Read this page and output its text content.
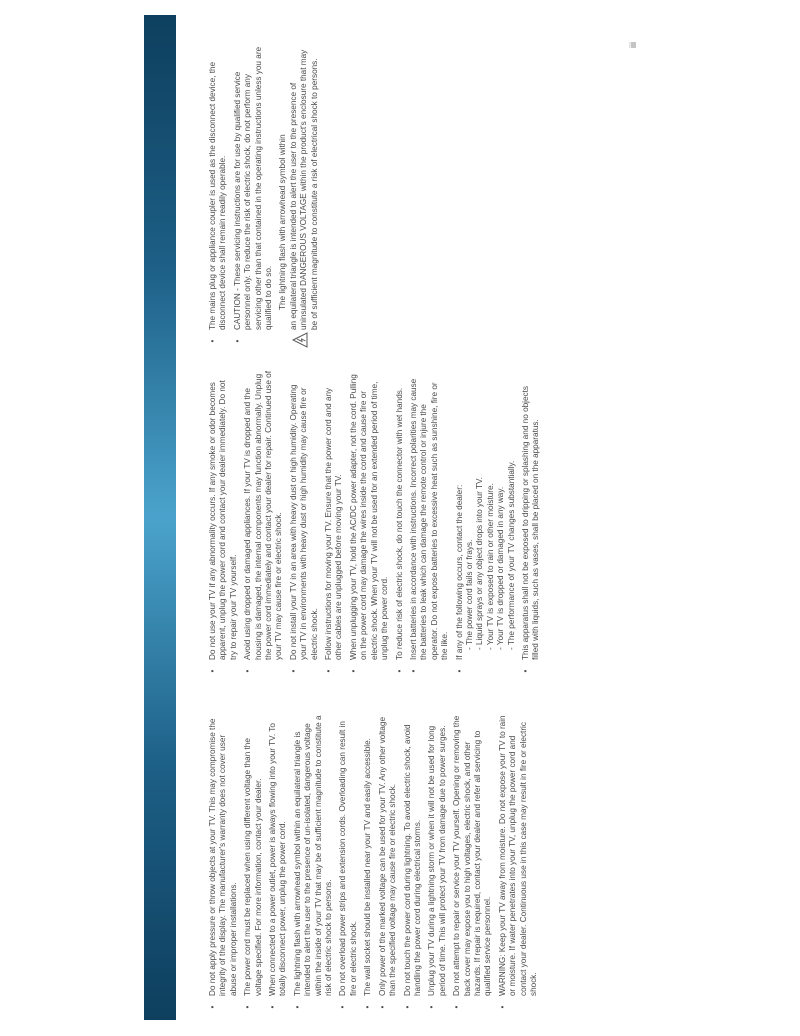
iii
•
Do not apply pressure or throw objects at your TV. This may compromise the integrity of the display. The manufacturer's warranty does not cover user abuse or improper installations.
•
The power cord must be replaced when using different voltage than the voltage specified. For more information, contact your dealer.
•
When connected to a power outlet, power is always flowing into your TV. To totally disconnect power, unplug the power cord.
•
The lightning flash with arrowhead symbol within an equilateral triangle is intended to alert the user to the presence of un-isolated, dangerous voltage within the inside of your TV that may be of sufficient magnitude to constitute a risk of electric shock to persons.
•
Do not overload power strips and extension cords. Overloading can result in fire or electric shock.
•
The wall socket should be installed near your TV and easily accessible.
•
Only power of the marked voltage can be used for your TV. Any other voltage than the specified voltage may cause fire or electric shock.
•
Do not touch the power cord during lightning. To avoid electric shock, avoid handling the power cord during electrical storms.
•
Unplug your TV during a lightning storm or when it will not be used for long period of time. This will protect your TV from damage due to power surges.
•
Do not attempt to repair or service your TV yourself. Opening or removing the back cover may expose you to high voltages, electric shock, and other hazards. If repair is required, contact your dealer and refer all servicing to qualified service personnel.
•
WARNING: Keep your TV away from moisture. Do not expose your TV to rain or moisture. If water penetrates into your TV, unplug the power cord and contact your dealer. Continuous use in this case may result in fire or electric shock.
•
Do not use your TV if any abnormality occurs. If any smoke or odor becomes apparent, unplug the power cord and contact your dealer immediately. Do not try to repair your TV yourself.
•
Avoid using dropped or damaged appliances. If your TV is dropped and the housing is damaged, the internal components may function abnormally. Unplug the power cord immediately and contact your dealer for repair. Continued use of your TV may cause fire or electric shock.
•
Do not install your TV in an area with heavy dust or high humidity. Operating your TV in environments with heavy dust or high humidity may cause fire or electric shock.
•
Follow instructions for moving your TV. Ensure that the power cord and any other cables are unplugged before moving your TV.
•
When unplugging your TV, hold the AC/DC power adapter, not the cord. Pulling on the power cord may damage the wires inside the cord and cause fire or electric shock. When your TV will not be used for an extended period of time, unplug the power cord.
•
To reduce risk of electric shock, do not touch the connector with wet hands.
•
Insert batteries in accordance with instructions. Incorrect polarities may cause the batteries to leak which can damage the remote control or injure the operator. Do not expose batteries to excessive heat such as sunshine, fire or the like.
•
If any of the following occurs, contact the dealer: - The power cord fails or frays. - Liquid sprays or any object drops into your TV. - Your TV is exposed to rain or other moisture. - Your TV is dropped or damaged in any way. - The performance of your TV changes substantially.
•
This apparatus shall not be exposed to dripping or splashing and no objects filled with liquids, such as vases, shall be placed on the apparatus.
•
The mains plug or appliance coupler is used as the disconnect device, the disconnect device shall remain readily operable.
•
CAUTION - These servicing instructions are for use by qualified service personnel only. To reduce the risk of electric shock, do not perform any servicing other than that contained in the operating instructions unless you are qualified to do so. The lightning flash with arrowhead symbol within
an equilateral triangle is intended to alert the user to the presence of uninsulated DANGEROUS VOLTAGE within the product's enclosure that may be of sufficient magnitude to constitute a risk of electrical shock to persons.
